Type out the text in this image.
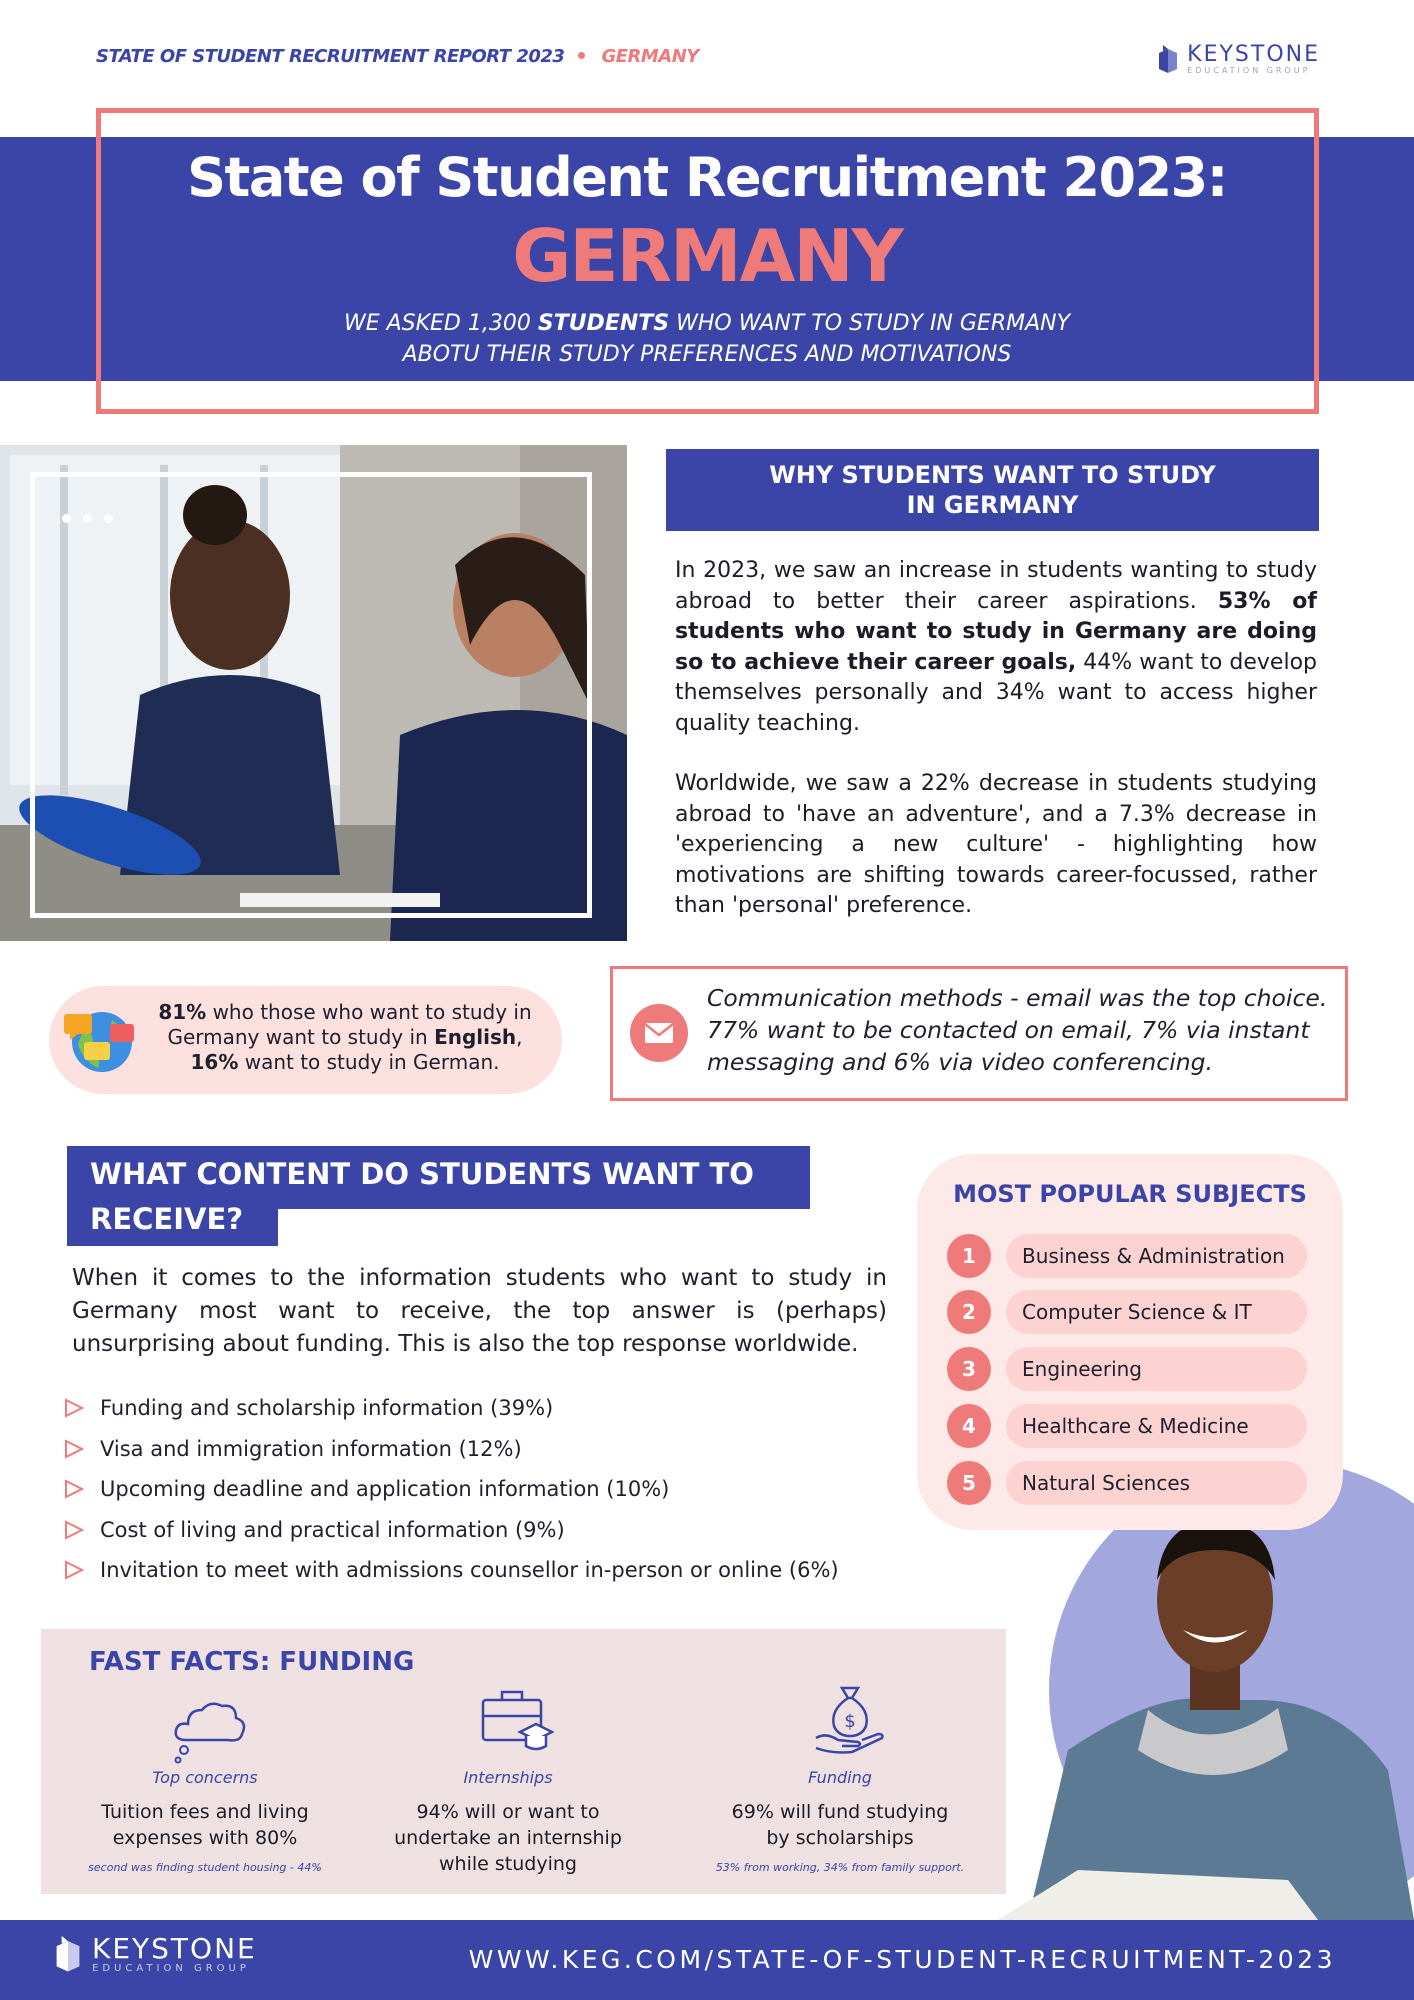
STATE OF STUDENT RECRUITMENT REPORT 2023 GERMANY	KEYSTONE
EDUCATION GROUP
State of Student Recruitment 2023:
GERMANY
WE ASKED 1,300 STUDENTS WHO WANT TO STUDY IN GERMANY
ABOTU THEIR STUDY PREFERENCES AND MOTIVATIONS
WHY STUDENTS WANT TO STUDY
IN GERMANY

In 2023, we saw an increase in students wanting to study abroad to better their career aspirations. 53% of students who want to study in Germany are doing so to achieve their career goals, 44% want to develop themselves personally and 34% want to access higher quality teaching.

Worldwide, we saw a 22% decrease in students studying abroad to 'have an adventure', and a 7.3% decrease in 'experiencing a new culture' - highlighting how motivations are shifting towards career-focussed, rather than 'personal' preference.

81% who those who want to study in Germany want to study in English,
16% want to study in German.
Communication methods - email was the top choice. 77% want to be contacted on email, 7% via instant messaging and 6% via video conferencing.
WHAT CONTENT DO STUDENTS WANT TO
RECEIVE?
When it comes to the information students who want to study in Germany most want to receive, the top answer is (perhaps) unsurprising about funding. This is also the top response worldwide.
Funding and scholarship information (39%)
Visa and immigration information (12%)
Upcoming deadline and application information (10%)
Cost of living and practical information (9%)
Invitation to meet with admissions counsellor in-person or online (6%)
MOST POPULAR SUBJECTS
1	Business & Administration
2	Computer Science & IT
3	Engineering
4	Healthcare & Medicine
5	Natural Sciences
FAST FACTS: FUNDING
$
Top concerns
Tuition fees and living expenses with 80%
second was finding student housing - 44%
Internships
94% will or want to undertake an internship while studying
Funding
69% will fund studying by scholarships
53% from working, 34% from family support.
KEYSTONE
EDUCATION GROUP	WWW.KEG.COM/STATE-OF-STUDENT-RECRUITMENT-2023
